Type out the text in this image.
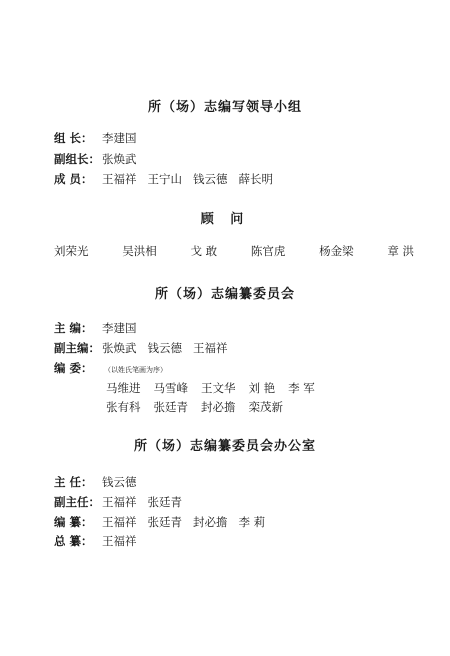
所（场）志编写领导小组
组 长： 李建国
副组长： 张焕武
成 员： 王福祥 王宁山 钱云德 薛长明
顾 问
刘荣光	吴洪相	戈 敢	陈官虎	杨金梁	章 洪
所（场）志编纂委员会
主 编： 李建国
副主编： 张焕武 钱云德 王福祥
编 委：	（以姓氏笔画为序）
马维进 马雪峰 王文华 刘 艳 李 军
张有科 张廷青 封必擔 栾茂新
所（场）志编纂委员会办公室
主 任： 钱云德
副主任： 王福祥 张廷青
编 纂： 王福祥 张廷青 封必擔 李 莉
总 纂： 王福祥
